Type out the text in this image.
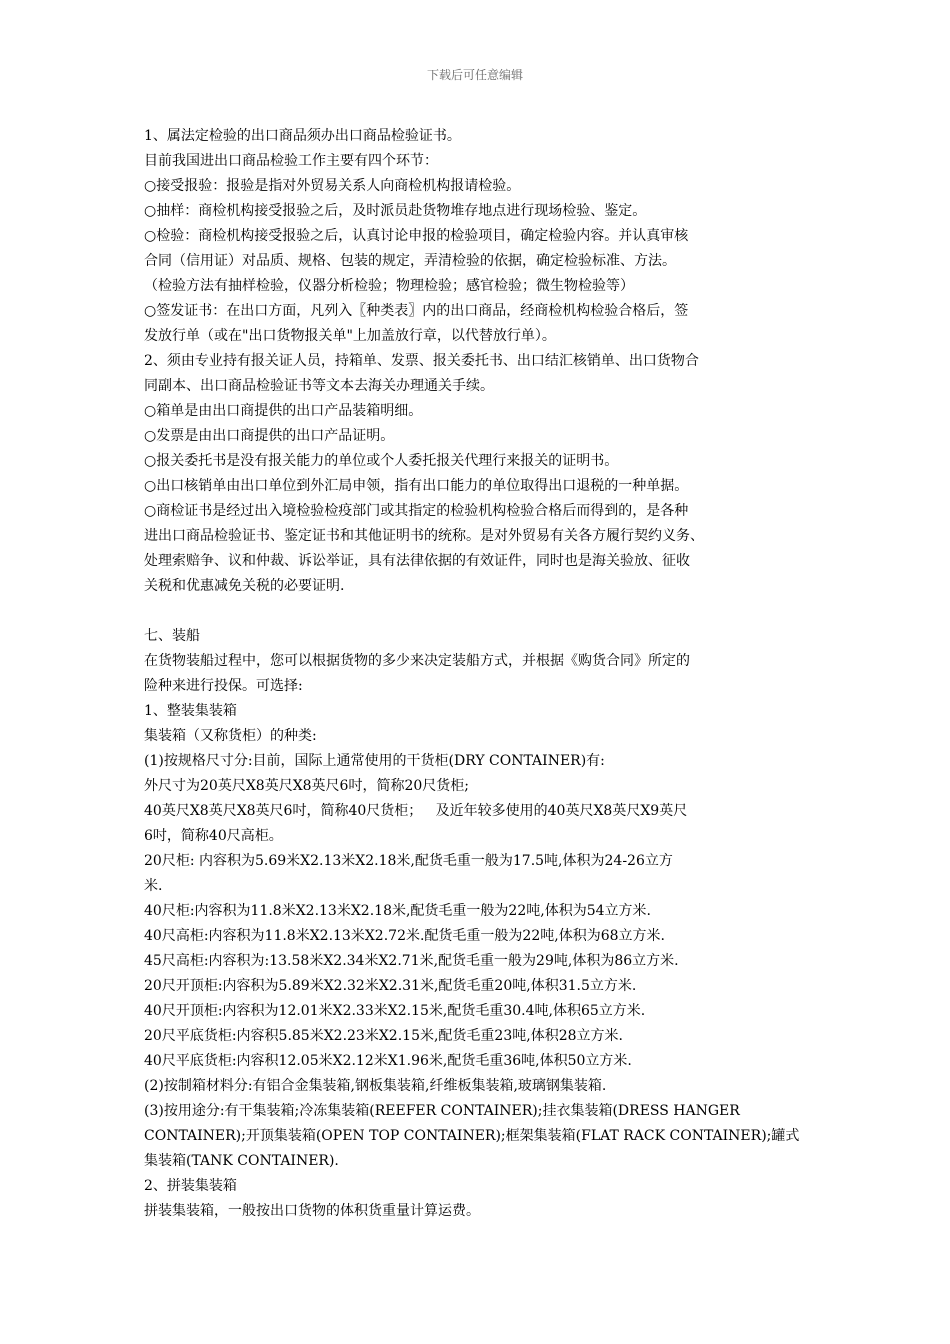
下载后可任意编辑
1、属法定检验的出口商品须办出口商品检验证书。
目前我国进出口商品检验工作主要有四个环节：
○接受报验：报验是指对外贸易关系人向商检机构报请检验。
○抽样：商检机构接受报验之后，及时派员赴货物堆存地点进行现场检验、鉴定。
○检验：商检机构接受报验之后，认真讨论申报的检验项目，确定检验内容。并认真审核
合同（信用证）对品质、规格、包装的规定，弄清检验的依据，确定检验标准、方法。
（检验方法有抽样检验，仪器分析检验；物理检验；感官检验；微生物检验等）
○签发证书：在出口方面，凡列入〖种类表〗内的出口商品，经商检机构检验合格后，签
发放行单（或在"出口货物报关单"上加盖放行章，以代替放行单）。
2、须由专业持有报关证人员，持箱单、发票、报关委托书、出口结汇核销单、出口货物合
同副本、出口商品检验证书等文本去海关办理通关手续。
○箱单是由出口商提供的出口产品装箱明细。
○发票是由出口商提供的出口产品证明。
○报关委托书是没有报关能力的单位或个人委托报关代理行来报关的证明书。
○出口核销单由出口单位到外汇局申领，指有出口能力的单位取得出口退税的一种单据。
○商检证书是经过出入境检验检疫部门或其指定的检验机构检验合格后而得到的，是各种
进出口商品检验证书、鉴定证书和其他证明书的统称。是对外贸易有关各方履行契约义务、
处理索赔争、议和仲裁、诉讼举证，具有法律依据的有效证件，同时也是海关验放、征收
关税和优惠减免关税的必要证明.
七、装船
在货物装船过程中，您可以根据货物的多少来决定装船方式，并根据《购货合同》所定的
险种来进行投保。可选择:
1、整装集装箱
集装箱（又称货柜）的种类:
(1)按规格尺寸分:目前，国际上通常使用的干货柜(DRY CONTAINER)有:
外尺寸为20英尺X8英尺X8英尺6吋，简称20尺货柜;
40英尺X8英尺X8英尺6吋，简称40尺货柜；   及近年较多使用的40英尺X8英尺X9英尺
6吋，简称40尺高柜。
20尺柜: 内容积为5.69米X2.13米X2.18米,配货毛重一般为17.5吨,体积为24-26立方
米.
40尺柜:内容积为11.8米X2.13米X2.18米,配货毛重一般为22吨,体积为54立方米.
40尺高柜:内容积为11.8米X2.13米X2.72米.配货毛重一般为22吨,体积为68立方米.
45尺高柜:内容积为:13.58米X2.34米X2.71米,配货毛重一般为29吨,体积为86立方米.
20尺开顶柜:内容积为5.89米X2.32米X2.31米,配货毛重20吨,体积31.5立方米.
40尺开顶柜:内容积为12.01米X2.33米X2.15米,配货毛重30.4吨,体积65立方米.
20尺平底货柜:内容积5.85米X2.23米X2.15米,配货毛重23吨,体积28立方米.
40尺平底货柜:内容积12.05米X2.12米X1.96米,配货毛重36吨,体积50立方米.
(2)按制箱材料分:有铝合金集装箱,钢板集装箱,纤维板集装箱,玻璃钢集装箱.
(3)按用途分:有干集装箱;冷冻集装箱(REEFER CONTAINER);挂衣集装箱(DRESS HANGER
CONTAINER);开顶集装箱(OPEN TOP CONTAINER);框架集装箱(FLAT RACK CONTAINER);罐式
集装箱(TANK CONTAINER).
2、拼装集装箱
拼装集装箱，一般按出口货物的体积货重量计算运费。
